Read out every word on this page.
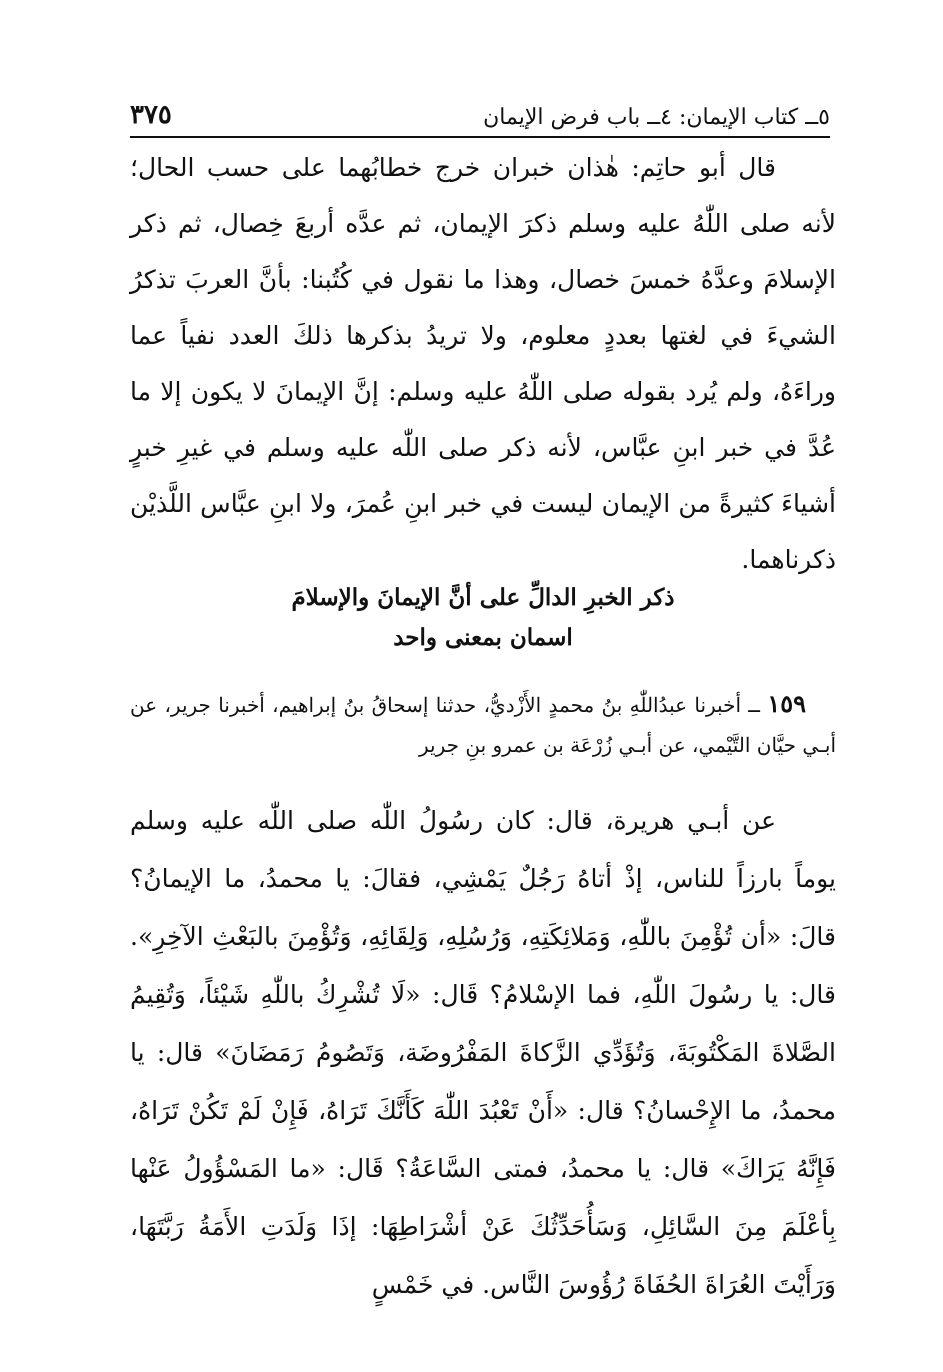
٥ــ كتاب الإيمان: ٤ــ باب فرض الإيمان
٣٧٥

قال أبو حاتِم: هٰذان خبران خرج خطابُهما على حسب الحال؛ لأنه صلى اللّٰهُ عليه وسلم ذكرَ الإيمان، ثم عدَّه أربعَ خِصال، ثم ذكر الإسلامَ وعدَّهُ خمسَ خصال، وهذا ما نقول في كُتُبنا: بأنَّ العربَ تذكرُ الشيءَ في لغتها بعددٍ معلوم، ولا تريدُ بذكرها ذلكَ العدد نفياً عما وراءَهُ، ولم يُرد بقوله صلى اللّٰهُ عليه وسلم: إنَّ الإيمانَ لا يكون إلا ما عُدَّ في خبر ابنِ عبَّاس، لأنه ذكر صلى اللّٰه عليه وسلم في غيرِ خبرٍ أشياءَ كثيرةً من الإيمان ليست في خبر ابنِ عُمرَ، ولا ابنِ عبَّاس اللَّذيْن ذكرناهما.

ذكر الخبرِ الدالِّ على أنَّ الإيمانَ والإسلامَ
اسمان بمعنى واحد

١٥٩ ــ أخبرنا عبدُاللّٰهِ بنُ محمدٍ الأَزْديُّ، حدثنا إسحاقُ بنُ إبراهيم، أخبرنا جرير، عن أبـي حيَّان التَّيْمي، عن أبـي زُرْعَة بن عمرو بنِ جرير

عن أبـي هريرة، قال: كان رسُولُ اللّٰه صلى اللّٰه عليه وسلم يوماً بارزاً للناس، إذْ أتاهُ رَجُلٌ يَمْشِي، فقالَ: يا محمدُ، ما الإيمانُ؟ قالَ: «أن تُؤْمِنَ باللّٰهِ، وَمَلائِكَتِهِ، وَرُسُلِهِ، وَلِقَائِهِ، وَتُؤْمِنَ بالبَعْثِ الآخِرِ». قال: يا رسُولَ اللّٰهِ، فما الإسْلامُ؟ قَال: «لَا تُشْرِكُ باللّٰهِ شَيْئاً، وَتُقِيمُ الصَّلاةَ المَكْتُوبَةَ، وَتُؤَدِّي الزَّكاةَ المَفْرُوضَة، وَتَصُومُ رَمَضَانَ» قال: يا محمدُ، ما الإِحْسانُ؟ قال: «أَنْ تَعْبُدَ اللّٰهَ كَأَنَّكَ تَرَاهُ، فَإِنْ لَمْ تَكُنْ تَرَاهُ، فَإِنَّهُ يَرَاكَ» قال: يا محمدُ، فمتى السَّاعَةُ؟ قَال: «ما المَسْؤُولُ عَنْها بِأعْلَمَ مِنَ السَّائِلِ، وَسَأُحَدِّثُكَ عَنْ أشْرَاطِهَا: إذَا وَلَدَتِ الأَمَةُ رَبَّتَهَا، وَرَأَيْتَ العُرَاةَ الحُفَاةَ رُؤُوسَ النَّاس. في خَمْسٍ
